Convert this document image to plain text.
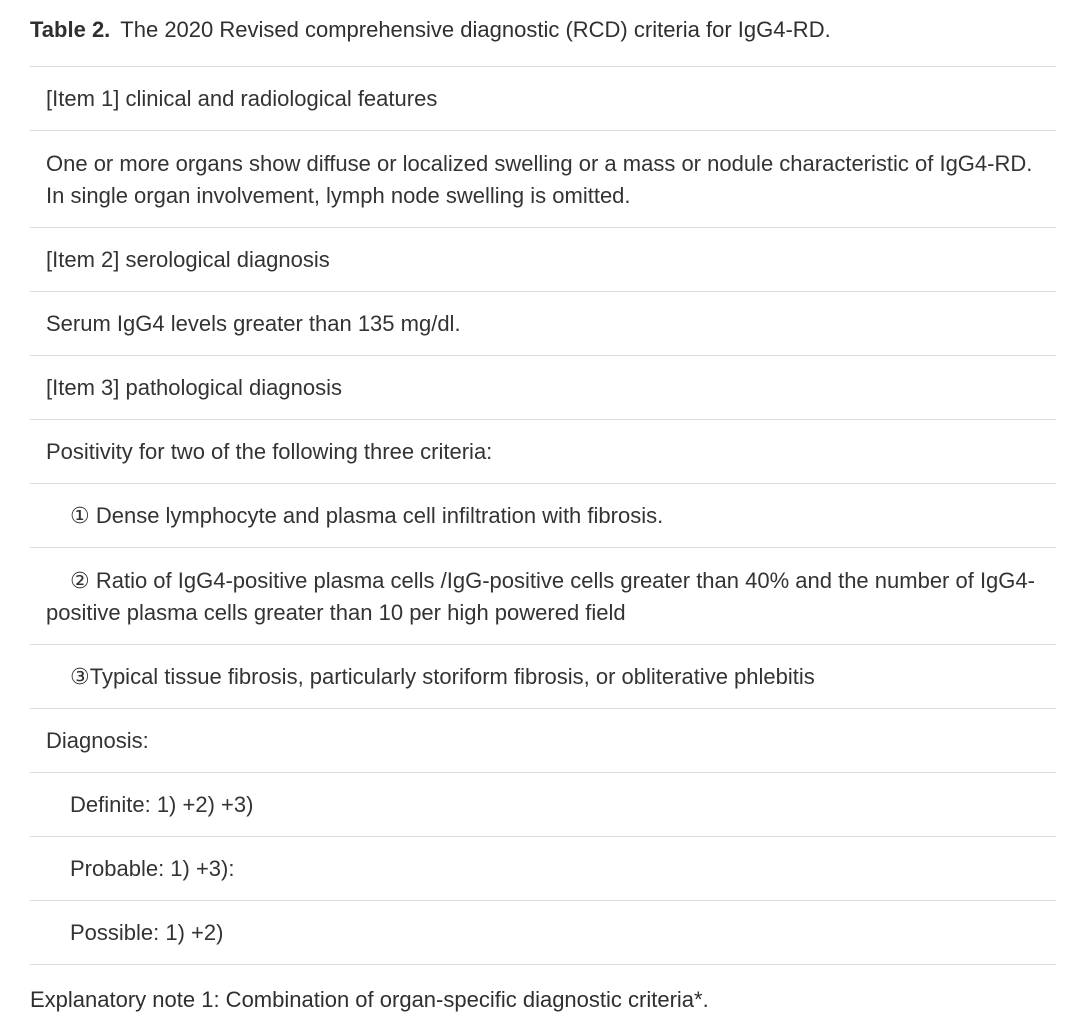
Table 2. The 2020 Revised comprehensive diagnostic (RCD) criteria for IgG4-RD.
[Item 1] clinical and radiological features
One or more organs show diffuse or localized swelling or a mass or nodule characteristic of IgG4-RD. In single organ involvement, lymph node swelling is omitted.
[Item 2] serological diagnosis
Serum IgG4 levels greater than 135 mg/dl.
[Item 3] pathological diagnosis
Positivity for two of the following three criteria:
① Dense lymphocyte and plasma cell infiltration with fibrosis.
② Ratio of IgG4-positive plasma cells /IgG-positive cells greater than 40% and the number of IgG4-positive plasma cells greater than 10 per high powered field
③Typical tissue fibrosis, particularly storiform fibrosis, or obliterative phlebitis
Diagnosis:
Definite: 1) +2) +3)
Probable: 1) +3):
Possible: 1) +2)
Explanatory note 1: Combination of organ-specific diagnostic criteria*.
